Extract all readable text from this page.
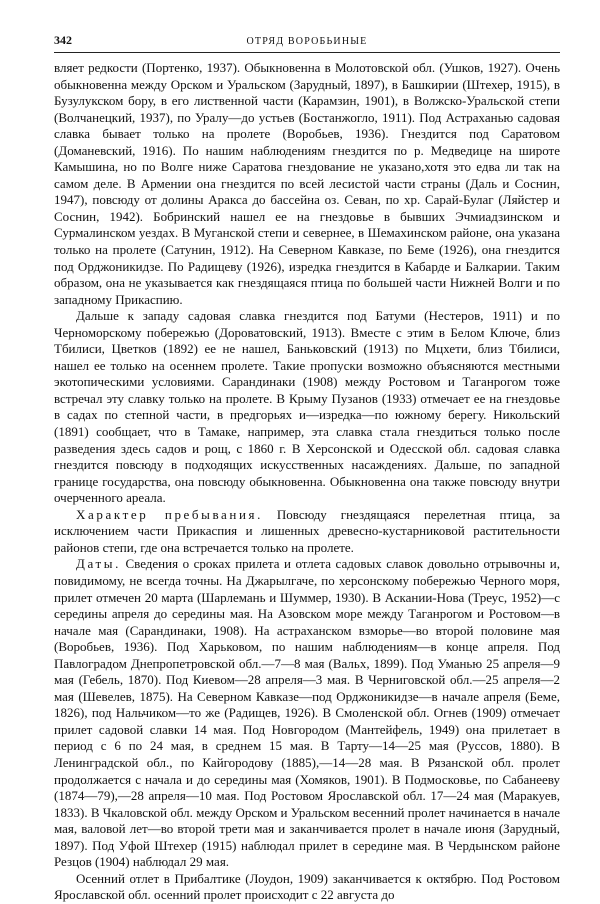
342	ОТРЯД ВОРОБЬИНЫЕ

вляет редкости (Портенко, 1937). Обыкновенна в Молотовской обл. (Ушков, 1927). Очень обыкновенна между Орском и Уральском (Зарудный, 1897), в Башкирии (Штехер, 1915), в Бузулукском бору, в его лиственной части (Карамзин, 1901), в Волжско-Уральской степи (Волчанецкий, 1937), по Уралу—до устьев (Бостанжогло, 1911). Под Астраханью садовая славка бывает только на пролете (Воробьев, 1936). Гнездится под Саратовом (Доманевский, 1916). По нашим наблюдениям гнездится по р. Медведице на широте Камышина, но по Волге ниже Саратова гнездование не указано,хотя это едва ли так на самом деле. В Армении она гнездится по всей лесистой части страны (Даль и Соснин, 1947), повсюду от долины Аракса до бассейна оз. Севан, по хр. Сарай-Булаг (Ляйстер и Соснин, 1942). Бобринский нашел ее на гнездовье в бывших Эчмиадзинском и Сурмалинском уездах. В Муганской степи и севернее, в Шемахинском районе, она указана только на пролете (Сатунин, 1912). На Северном Кавказе, по Беме (1926), она гнездится под Орджоникидзе. По Радищеву (1926), изредка гнездится в Кабарде и Балкарии. Таким образом, она не указывается как гнездящаяся птица по большей части Нижней Волги и по западному Прикаспию.

Дальше к западу садовая славка гнездится под Батуми (Нестеров, 1911) и по Черноморскому побережью (Дороватовский, 1913). Вместе с этим в Белом Ключе, близ Тбилиси, Цветков (1892) ее не нашел, Баньковский (1913) по Мцхети, близ Тбилиси, нашел ее только на осеннем пролете. Такие пропуски возможно объясняются местными экотопическими условиями. Сарандинаки (1908) между Ростовом и Таганрогом тоже встречал эту славку только на пролете. В Крыму Пузанов (1933) отмечает ее на гнездовье в садах по степной части, в предгорьях и—изредка—по южному берегу. Никольский (1891) сообщает, что в Тамаке, например, эта славка стала гнездиться только после разведения здесь садов и рощ, с 1860 г. В Херсонской и Одесской обл. садовая славка гнездится повсюду в подходящих искусственных насаждениях. Дальше, по западной границе государства, она повсюду обыкновенна. Обыкновенна она также повсюду внутри очерченного ареала.

Характер пребывания. Повсюду гнездящаяся перелетная птица, за исключением части Прикаспия и лишенных древесно-кустарниковой растительности районов степи, где она встречается только на пролете.

Даты. Сведения о сроках прилета и отлета садовых славок довольно отрывочны и, повидимому, не всегда точны. На Джарылгаче, по херсонскому побережью Черного моря, прилет отмечен 20 марта (Шарлемань и Шуммер, 1930). В Аскании-Нова (Треус, 1952)—с середины апреля до середины мая. На Азовском море между Таганрогом и Ростовом—в начале мая (Сарандинаки, 1908). На астраханском взморье—во второй половине мая (Воробьев, 1936). Под Харьковом, по нашим наблюдениям—в конце апреля. Под Павлоградом Днепропетровской обл.—7—8 мая (Вальх, 1899). Под Уманью 25 апреля—9 мая (Гебель, 1870). Под Киевом—28 апреля—3 мая. В Черниговской обл.—25 апреля—2 мая (Шевелев, 1875). На Северном Кавказе—под Орджоникидзе—в начале апреля (Беме, 1826), под Нальчиком—то же (Радищев, 1926). В Смоленской обл. Огнев (1909) отмечает прилет садовой славки 14 мая. Под Новгородом (Мантейфель, 1949) она прилетает в период с 6 по 24 мая, в среднем 15 мая. В Тарту—14—25 мая (Руссов, 1880). В Ленинградской обл., по Кайгородову (1885),—14—28 мая. В Рязанской обл. пролет продолжается с начала и до середины мая (Хомяков, 1901). В Подмосковье, по Сабанееву (1874—79),—28 апреля—10 мая. Под Ростовом Ярославской обл. 17—24 мая (Маракуев, 1833). В Чкаловской обл. между Орском и Уральском весенний пролет начинается в начале мая, валовой лет—во второй трети мая и заканчивается пролет в начале июня (Зарудный, 1897). Под Уфой Штехер (1915) наблюдал прилет в середине мая. В Чердынском районе Резцов (1904) наблюдал 29 мая.

Осенний отлет в Прибалтике (Лоудон, 1909) заканчивается к октябрю. Под Ростовом Ярославской обл. осенний пролет происходит с 22 августа до
